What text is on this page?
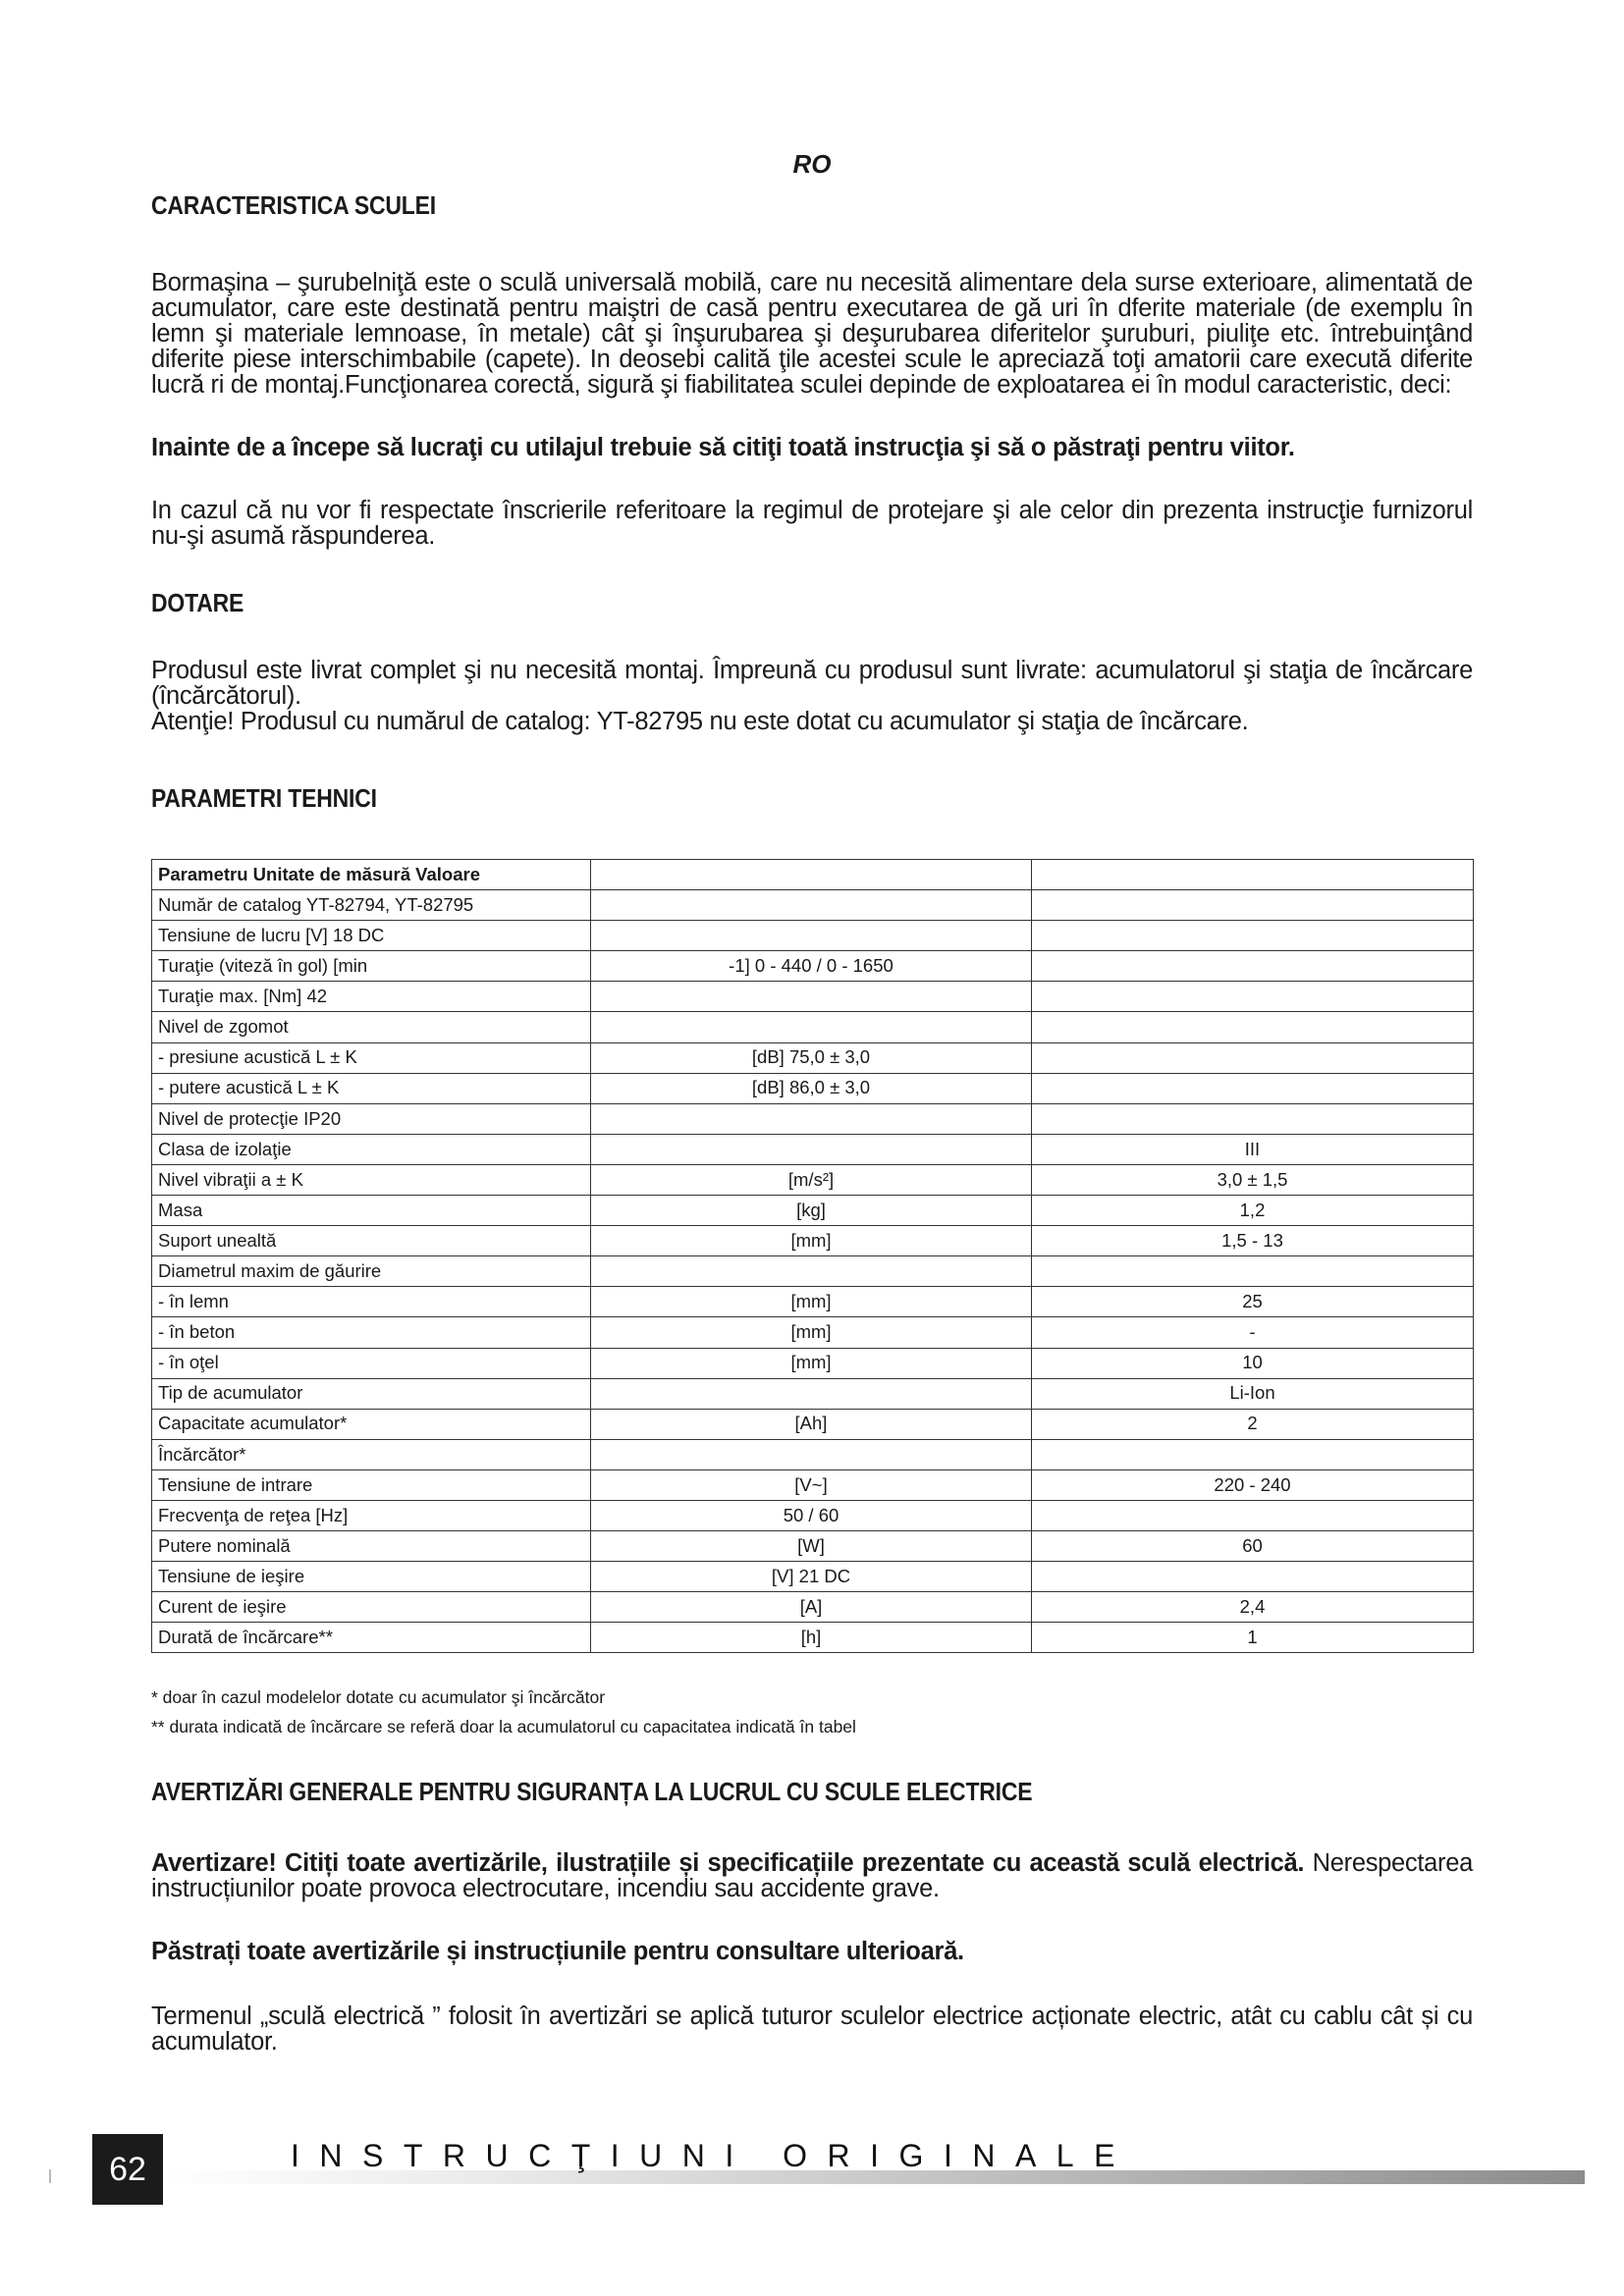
RO
CARACTERISTICA SCULEI

Bormaşina – şurubelniţă este o sculă universală mobilă, care nu necesită alimentare dela surse exterioare, alimentată de acumulator, care este destinată pentru maiştri de casă pentru executarea de gă uri în dferite materiale (de exemplu în lemn şi materiale lemnoase, în metale) cât şi înşurubarea şi deşurubarea diferitelor şuruburi, piuliţe etc. întrebuinţând diferite piese interschimbabile (capete). In deosebi calită ţile acestei scule le apreciază toţi amatorii care execută diferite lucră ri de montaj.Funcţionarea corectă, sigură şi fiabilitatea sculei depinde de exploatarea ei în modul caracteristic, deci:

Inainte de a începe să lucraţi cu utilajul trebuie să citiţi toată instrucţia şi să o păstraţi pentru viitor.

In cazul că nu vor fi respectate înscrierile referitoare la regimul de protejare şi ale celor din prezenta instrucţie furnizorul nu-şi asumă răspunderea.

DOTARE

Produsul este livrat complet şi nu necesită montaj. Împreună cu produsul sunt livrate: acumulatorul şi staţia de încărcare (încărcătorul).

Atenţie! Produsul cu numărul de catalog: YT-82795 nu este dotat cu acumulator şi staţia de încărcare.

PARAMETRI TEHNICI
Parametru Unitate de măsură Valoare		
Număr de catalog YT-82794, YT-82795		
Tensiune de lucru [V] 18 DC		
Turaţie (viteză în gol) [min	-1] 0 - 440 / 0 - 1650	
Turaţie max. [Nm] 42		
Nivel de zgomot		
- presiune acustică L ± K	[dB] 75,0 ± 3,0	
- putere acustică L ± K	[dB] 86,0 ± 3,0	
Nivel de protecţie IP20		
Clasa de izolaţie		III
Nivel vibraţii a ± K	[m/s²]	3,0 ± 1,5
Masa	[kg]	1,2
Suport unealtă	[mm]	1,5 - 13
Diametrul maxim de găurire		
- în lemn	[mm]	25
- în beton	[mm]	-
- în oţel	[mm]	10
Tip de acumulator		Li-Ion
Capacitate acumulator*	[Ah]	2
Încărcător*		
Tensiune de intrare	[V~]	220 - 240
Frecvenţa de reţea [Hz]	50 / 60	
Putere nominală	[W]	60
Tensiune de ieşire	[V] 21 DC	
Curent de ieşire	[A]	2,4
Durată de încărcare**	[h]	1
* doar în cazul modelelor dotate cu acumulator şi încărcător
** durata indicată de încărcare se referă doar la acumulatorul cu capacitatea indicată în tabel
AVERTIZĂRI GENERALE PENTRU SIGURANȚA LA LUCRUL CU SCULE ELECTRICE

Avertizare! Citiți toate avertizările, ilustrațiile și specificațiile prezentate cu această sculă electrică. Nerespectarea instrucțiunilor poate provoca electrocutare, incendiu sau accidente grave.

Păstrați toate avertizările și instrucțiunile pentru consultare ulterioară.

Termenul „sculă electrică ” folosit în avertizări se aplică tuturor sculelor electrice acționate electric, atât cu cablu cât și cu acumulator.

62	INSTRUCŢIUNI ORIGINALE
